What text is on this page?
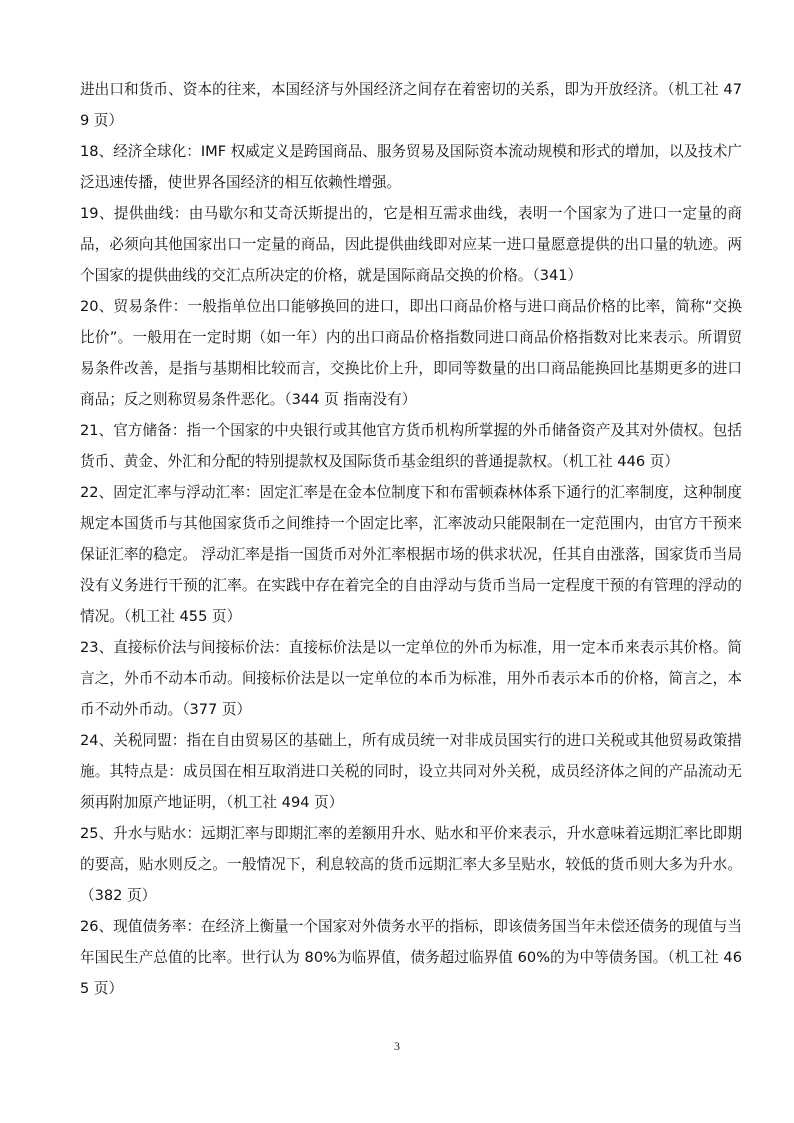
进出口和货币、资本的往来，本国经济与外国经济之间存在着密切的关系，即为开放经济。（机工社 479 页）

18、经济全球化：IMF 权威定义是跨国商品、服务贸易及国际资本流动规模和形式的增加，以及技术广泛迅速传播，使世界各国经济的相互依赖性增强。

19、提供曲线：由马歇尔和艾奇沃斯提出的，它是相互需求曲线，表明一个国家为了进口一定量的商品，必须向其他国家出口一定量的商品，因此提供曲线即对应某一进口量愿意提供的出口量的轨迹。两个国家的提供曲线的交汇点所决定的价格，就是国际商品交换的价格。（341）

20、贸易条件：一般指单位出口能够换回的进口，即出口商品价格与进口商品价格的比率，简称“交换比价”。一般用在一定时期（如一年）内的出口商品价格指数同进口商品价格指数对比来表示。所谓贸易条件改善，是指与基期相比较而言，交换比价上升，即同等数量的出口商品能换回比基期更多的进口商品；反之则称贸易条件恶化。（344 页 指南没有）

21、官方储备：指一个国家的中央银行或其他官方货币机构所掌握的外币储备资产及其对外债权。包括货币、黄金、外汇和分配的特别提款权及国际货币基金组织的普通提款权。（机工社 446 页）

22、固定汇率与浮动汇率：固定汇率是在金本位制度下和布雷顿森林体系下通行的汇率制度，这种制度规定本国货币与其他国家货币之间维持一个固定比率，汇率波动只能限制在一定范围内，由官方干预来保证汇率的稳定。 浮动汇率是指一国货币对外汇率根据市场的供求状况，任其自由涨落，国家货币当局没有义务进行干预的汇率。在实践中存在着完全的自由浮动与货币当局一定程度干预的有管理的浮动的情况。（机工社 455 页）

23、直接标价法与间接标价法：直接标价法是以一定单位的外币为标准，用一定本币来表示其价格。简言之，外币不动本币动。间接标价法是以一定单位的本币为标准，用外币表示本币的价格，简言之，本币不动外币动。（377 页）

24、关税同盟：指在自由贸易区的基础上，所有成员统一对非成员国实行的进口关税或其他贸易政策措施。其特点是：成员国在相互取消进口关税的同时，设立共同对外关税，成员经济体之间的产品流动无须再附加原产地证明，（机工社 494 页）

25、升水与贴水：远期汇率与即期汇率的差额用升水、贴水和平价来表示，升水意味着远期汇率比即期的要高，贴水则反之。一般情况下，利息较高的货币远期汇率大多呈贴水，较低的货币则大多为升水。（382 页）

26、现值债务率：在经济上衡量一个国家对外债务水平的指标，即该债务国当年未偿还债务的现值与当年国民生产总值的比率。世行认为 80%为临界值，债务超过临界值 60%的为中等债务国。（机工社 465 页）

3
